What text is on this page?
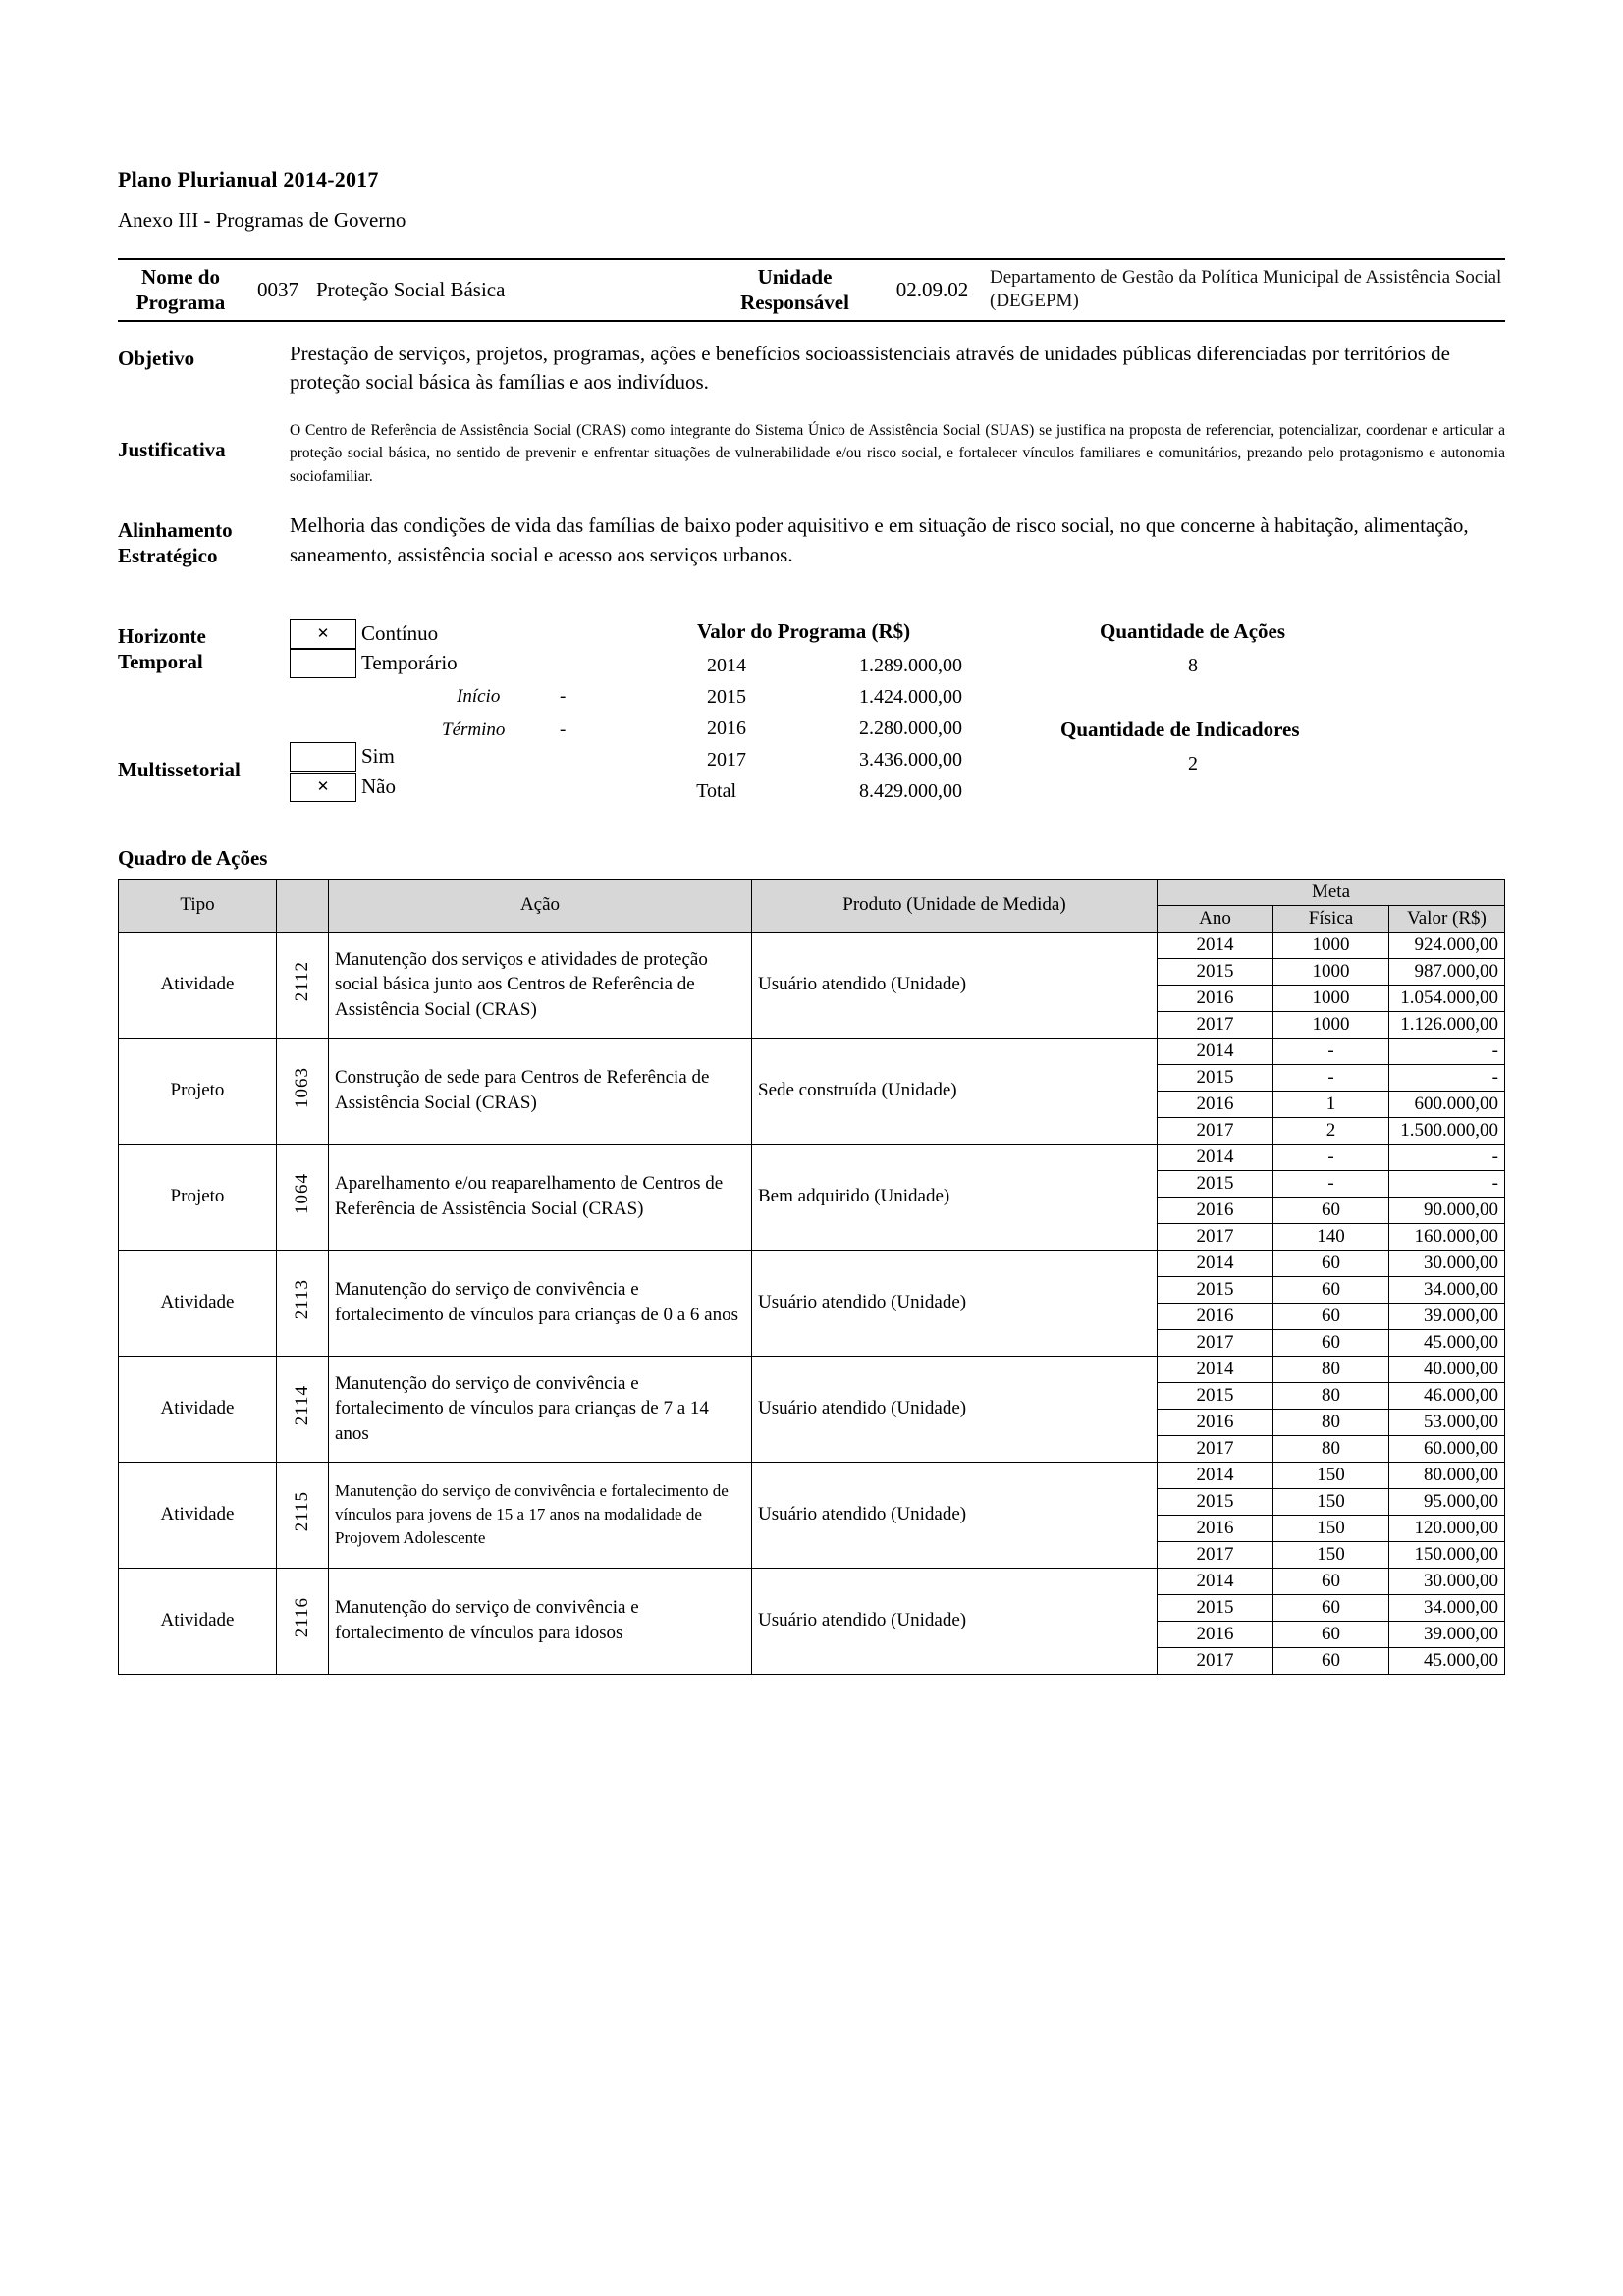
Plano Plurianual 2014-2017
Anexo III - Programas de Governo
Nome do
Programa
	0037	Proteção Social Básica	
Unidade
Responsável
	02.09.02	Departamento de Gestão da Política Municipal de Assistência Social (DEGEPM)
Objetivo	Prestação de serviços, projetos, programas, ações e benefícios socioassistenciais através de unidades públicas diferenciadas por territórios de proteção social básica às famílias e aos indivíduos.
Justificativa
O Centro de Referência de Assistência Social (CRAS) como integrante do Sistema Único de Assistência Social (SUAS) se justifica na proposta de referenciar, potencializar, coordenar e articular a proteção social básica, no sentido de prevenir e enfrentar situações de vulnerabilidade e/ou risco social, e fortalecer vínculos familiares e comunitários, prezando pelo protagonismo e autonomia sociofamiliar.
Alinhamento
Estratégico
Melhoria das condições de vida das famílias de baixo poder aquisitivo e em situação de risco social, no que concerne à habitação, alimentação, saneamento, assistência social e acesso aos serviços urbanos.
Horizonte
Temporal
✕	Contínuo
Temporário
Início	-
Término	-
Multissetorial
Sim
✕	Não
Valor do Programa (R$)
2014	1.289.000,00
2015	1.424.000,00
2016	2.280.000,00
2017	3.436.000,00
Total	8.429.000,00
Quantidade de Ações
8
Quantidade de Indicadores
2
Quadro de Ações
Tipo		Ação	Produto (Unidade de Medida)	Meta		
				Ano	Física	Valor (R$)
Atividade	2112	Manutenção dos serviços e atividades de proteção social básica junto aos Centros de Referência de Assistência Social (CRAS)	Usuário atendido (Unidade)	2014	1000	924.000,00
				2015	1000	987.000,00
				2016	1000	1.054.000,00
				2017	1000	1.126.000,00
Projeto	1063	Construção de sede para Centros de Referência de Assistência Social (CRAS)	Sede construída (Unidade)	2014	-	-
				2015	-	-
				2016	1	600.000,00
				2017	2	1.500.000,00
Projeto	1064	Aparelhamento e/ou reaparelhamento de Centros de Referência de Assistência Social (CRAS)	Bem adquirido (Unidade)	2014	-	-
				2015	-	-
				2016	60	90.000,00
				2017	140	160.000,00
Atividade	2113	Manutenção do serviço de convivência e fortalecimento de vínculos para crianças de 0 a 6 anos	Usuário atendido (Unidade)	2014	60	30.000,00
				2015	60	34.000,00
				2016	60	39.000,00
				2017	60	45.000,00
Atividade	2114	Manutenção do serviço de convivência e fortalecimento de vínculos para crianças de 7 a 14 anos	Usuário atendido (Unidade)	2014	80	40.000,00
				2015	80	46.000,00
				2016	80	53.000,00
				2017	80	60.000,00
Atividade	2115	Manutenção do serviço de convivência e fortalecimento de vínculos para jovens de 15 a 17 anos na modalidade de Projovem Adolescente	Usuário atendido (Unidade)	2014	150	80.000,00
				2015	150	95.000,00
				2016	150	120.000,00
				2017	150	150.000,00
Atividade	2116	Manutenção do serviço de convivência e fortalecimento de vínculos para idosos	Usuário atendido (Unidade)	2014	60	30.000,00
				2015	60	34.000,00
				2016	60	39.000,00
				2017	60	45.000,00
